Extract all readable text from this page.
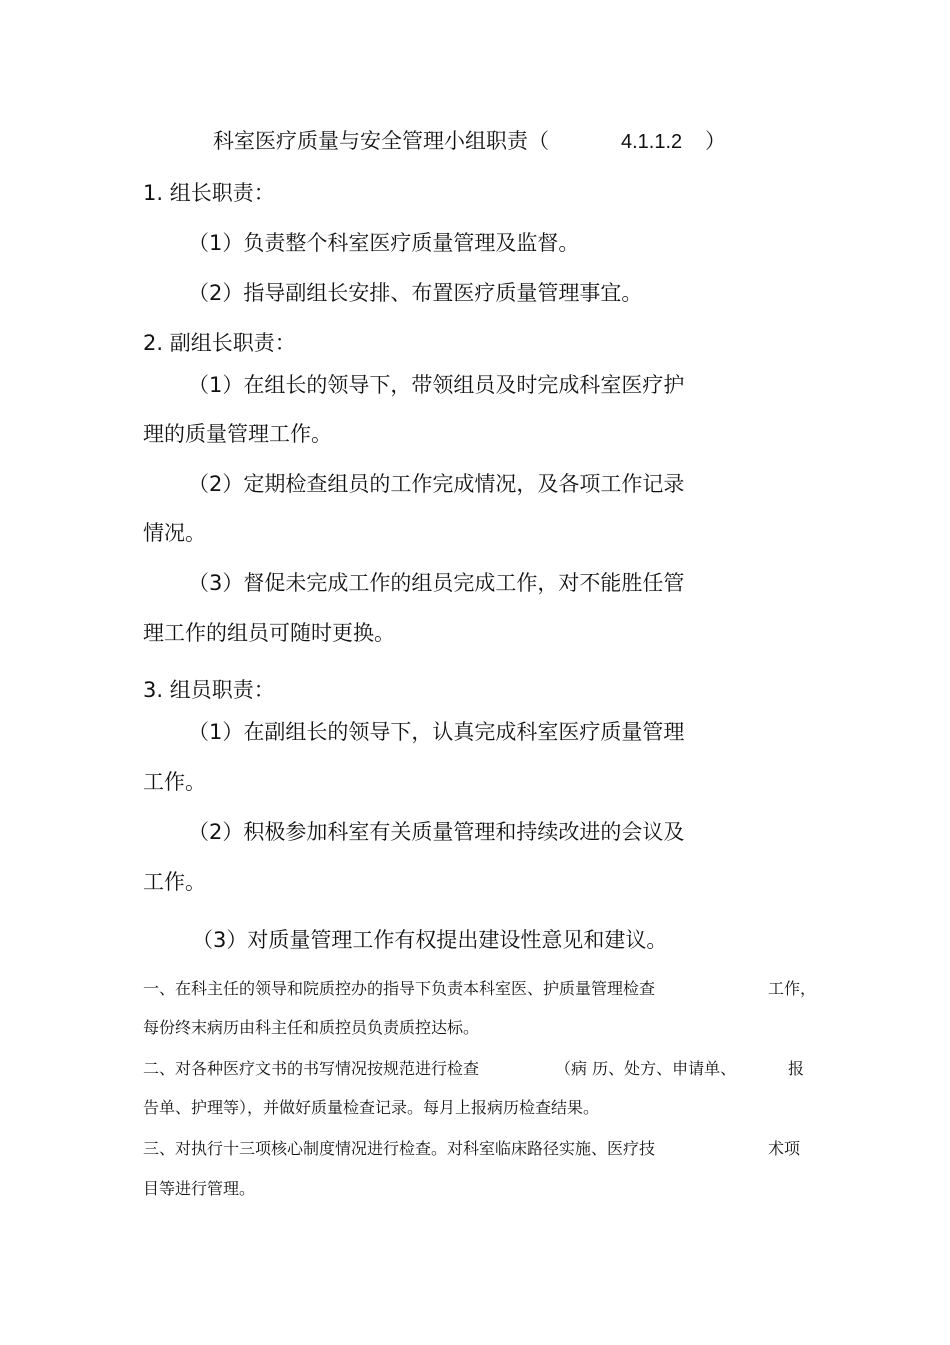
科室医疗质量与安全管理小组职责（	4.1.1.2 ）
1. 组长职责：
（1）负责整个科室医疗质量管理及监督。
（2）指导副组长安排、布置医疗质量管理事宜。
2. 副组长职责：
（1）在组长的领导下，带领组员及时完成科室医疗护
理的质量管理工作。
（2）定期检查组员的工作完成情况，及各项工作记录
情况。
（3）督促未完成工作的组员完成工作，对不能胜任管
理工作的组员可随时更换。
3. 组员职责：
（1）在副组长的领导下，认真完成科室医疗质量管理
工作。
（2）积极参加科室有关质量管理和持续改进的会议及
工作。
（3）对质量管理工作有权提出建设性意见和建议。
一、在科主任的领导和院质控办的指导下负责本科室医、护质量管理检查	工作，
每份终末病历由科主任和质控员负责质控达标。
二、对各种医疗文书的书写情况按规范进行检查	（病 历、处方、申请单、	报
告单、护理等），并做好质量检查记录。每月上报病历检查结果。
三、对执行十三项核心制度情况进行检查。对科室临床路径实施、医疗技	术项
目等进行管理。
